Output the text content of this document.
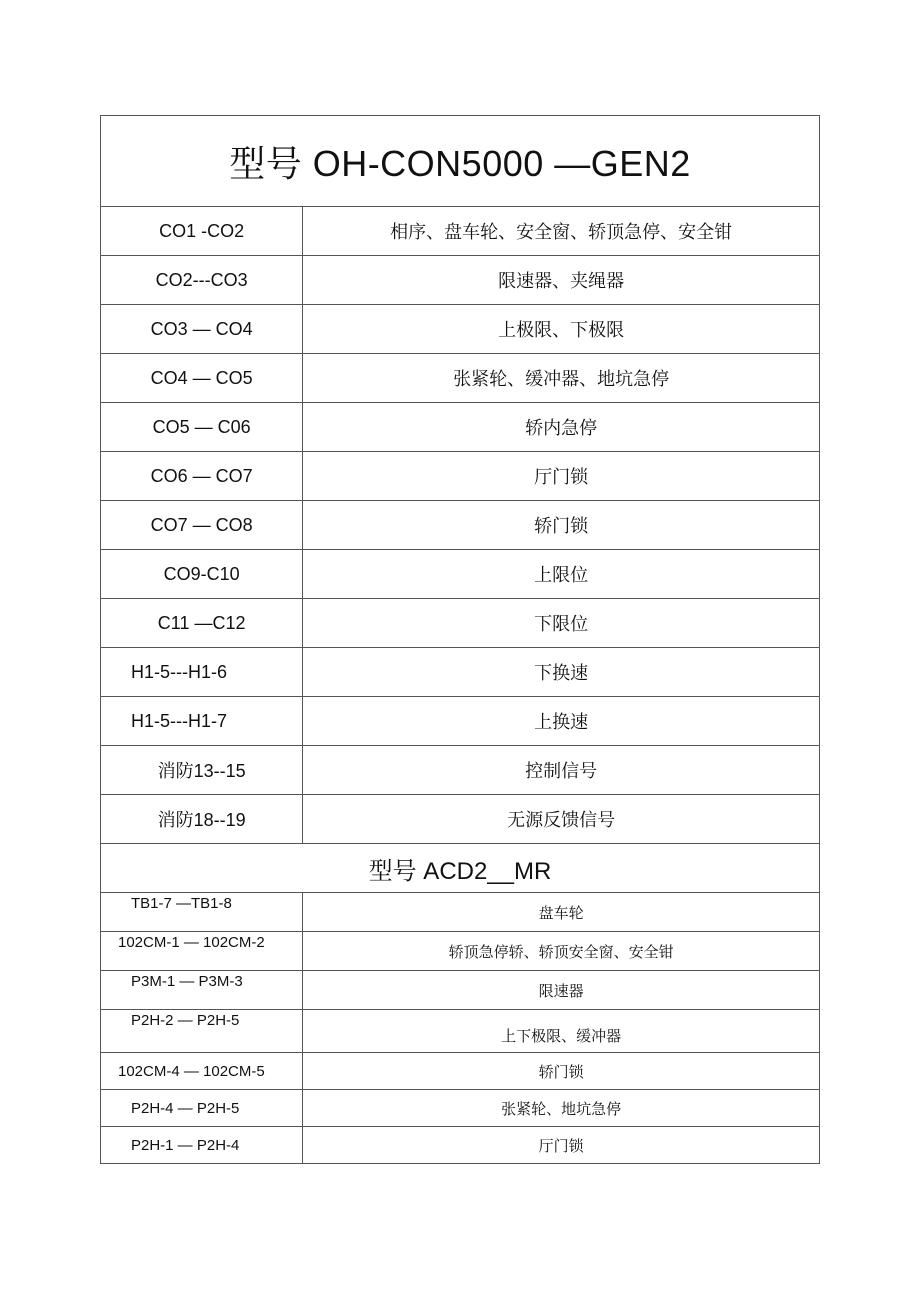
型号 OH-CON5000 —GEN2	
CO1 -CO2	相序、盘车轮、安全窗、轿顶急停、安全钳
CO2---CO3	限速器、夹绳器
CO3 — CO4	上极限、下极限
CO4 — CO5	张紧轮、缓冲器、地坑急停
CO5 — C06	轿内急停
CO6 — CO7	厅门锁
CO7 — CO8	轿门锁
CO9-C10	上限位
C11 —C12	下限位
H1-5---H1-6	下换速
H1-5---H1-7	上换速
消防13--15	控制信号
消防18--19	无源反馈信号
型号 ACD2__MR	
TB1-7 —TB1-8	盘车轮
102CM-1 — 102CM-2	轿顶急停轿、轿顶安全窗、安全钳
P3M-1 — P3M-3	限速器
P2H-2 — P2H-5	上下极限、缓冲器
102CM-4 — 102CM-5	轿门锁
P2H-4 — P2H-5	张紧轮、地坑急停
P2H-1 — P2H-4	厅门锁
